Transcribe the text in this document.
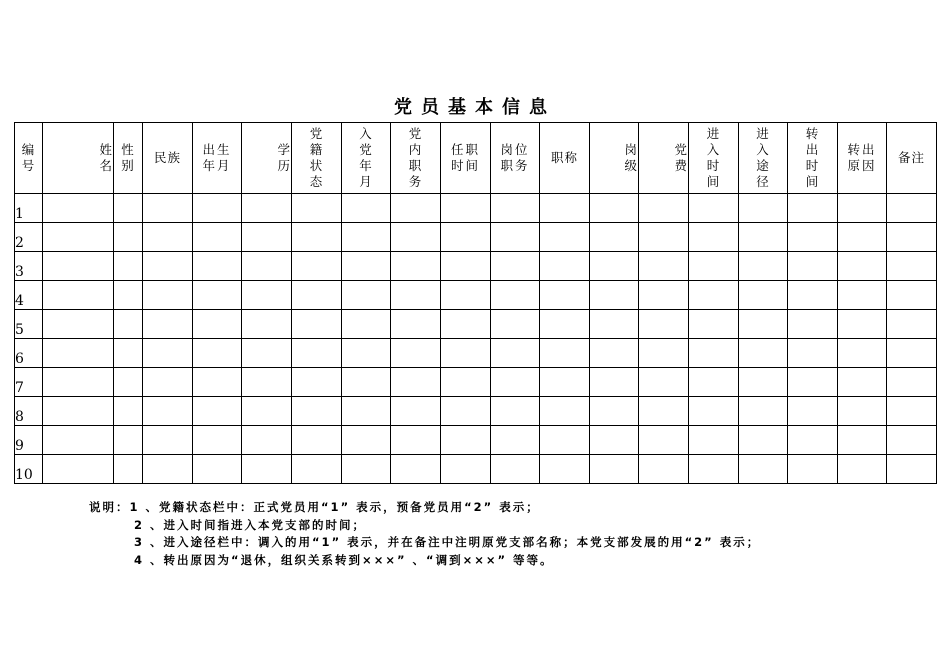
党员基本信息
编号	姓名	性别	民族	出生年月	学历	党籍状态	入党年月	党内职务	任职时间	岗位职务	职称	岗级	党费	进入时间	进入途径	转出时间	转出原因	备注
1																		
2																		
3																		
4																		
5																		
6																		
7																		
8																		
9																		
10																		
说明：1 、党籍状态栏中：正式党员用“1” 表示，预备党员用“2” 表示；
2 、进入时间指进入本党支部的时间；
3 、进入途径栏中：调入的用“1” 表示，并在备注中注明原党支部名称；本党支部发展的用“2” 表示；
4 、转出原因为“退休，组织关系转到×××” 、“调到×××” 等等。
